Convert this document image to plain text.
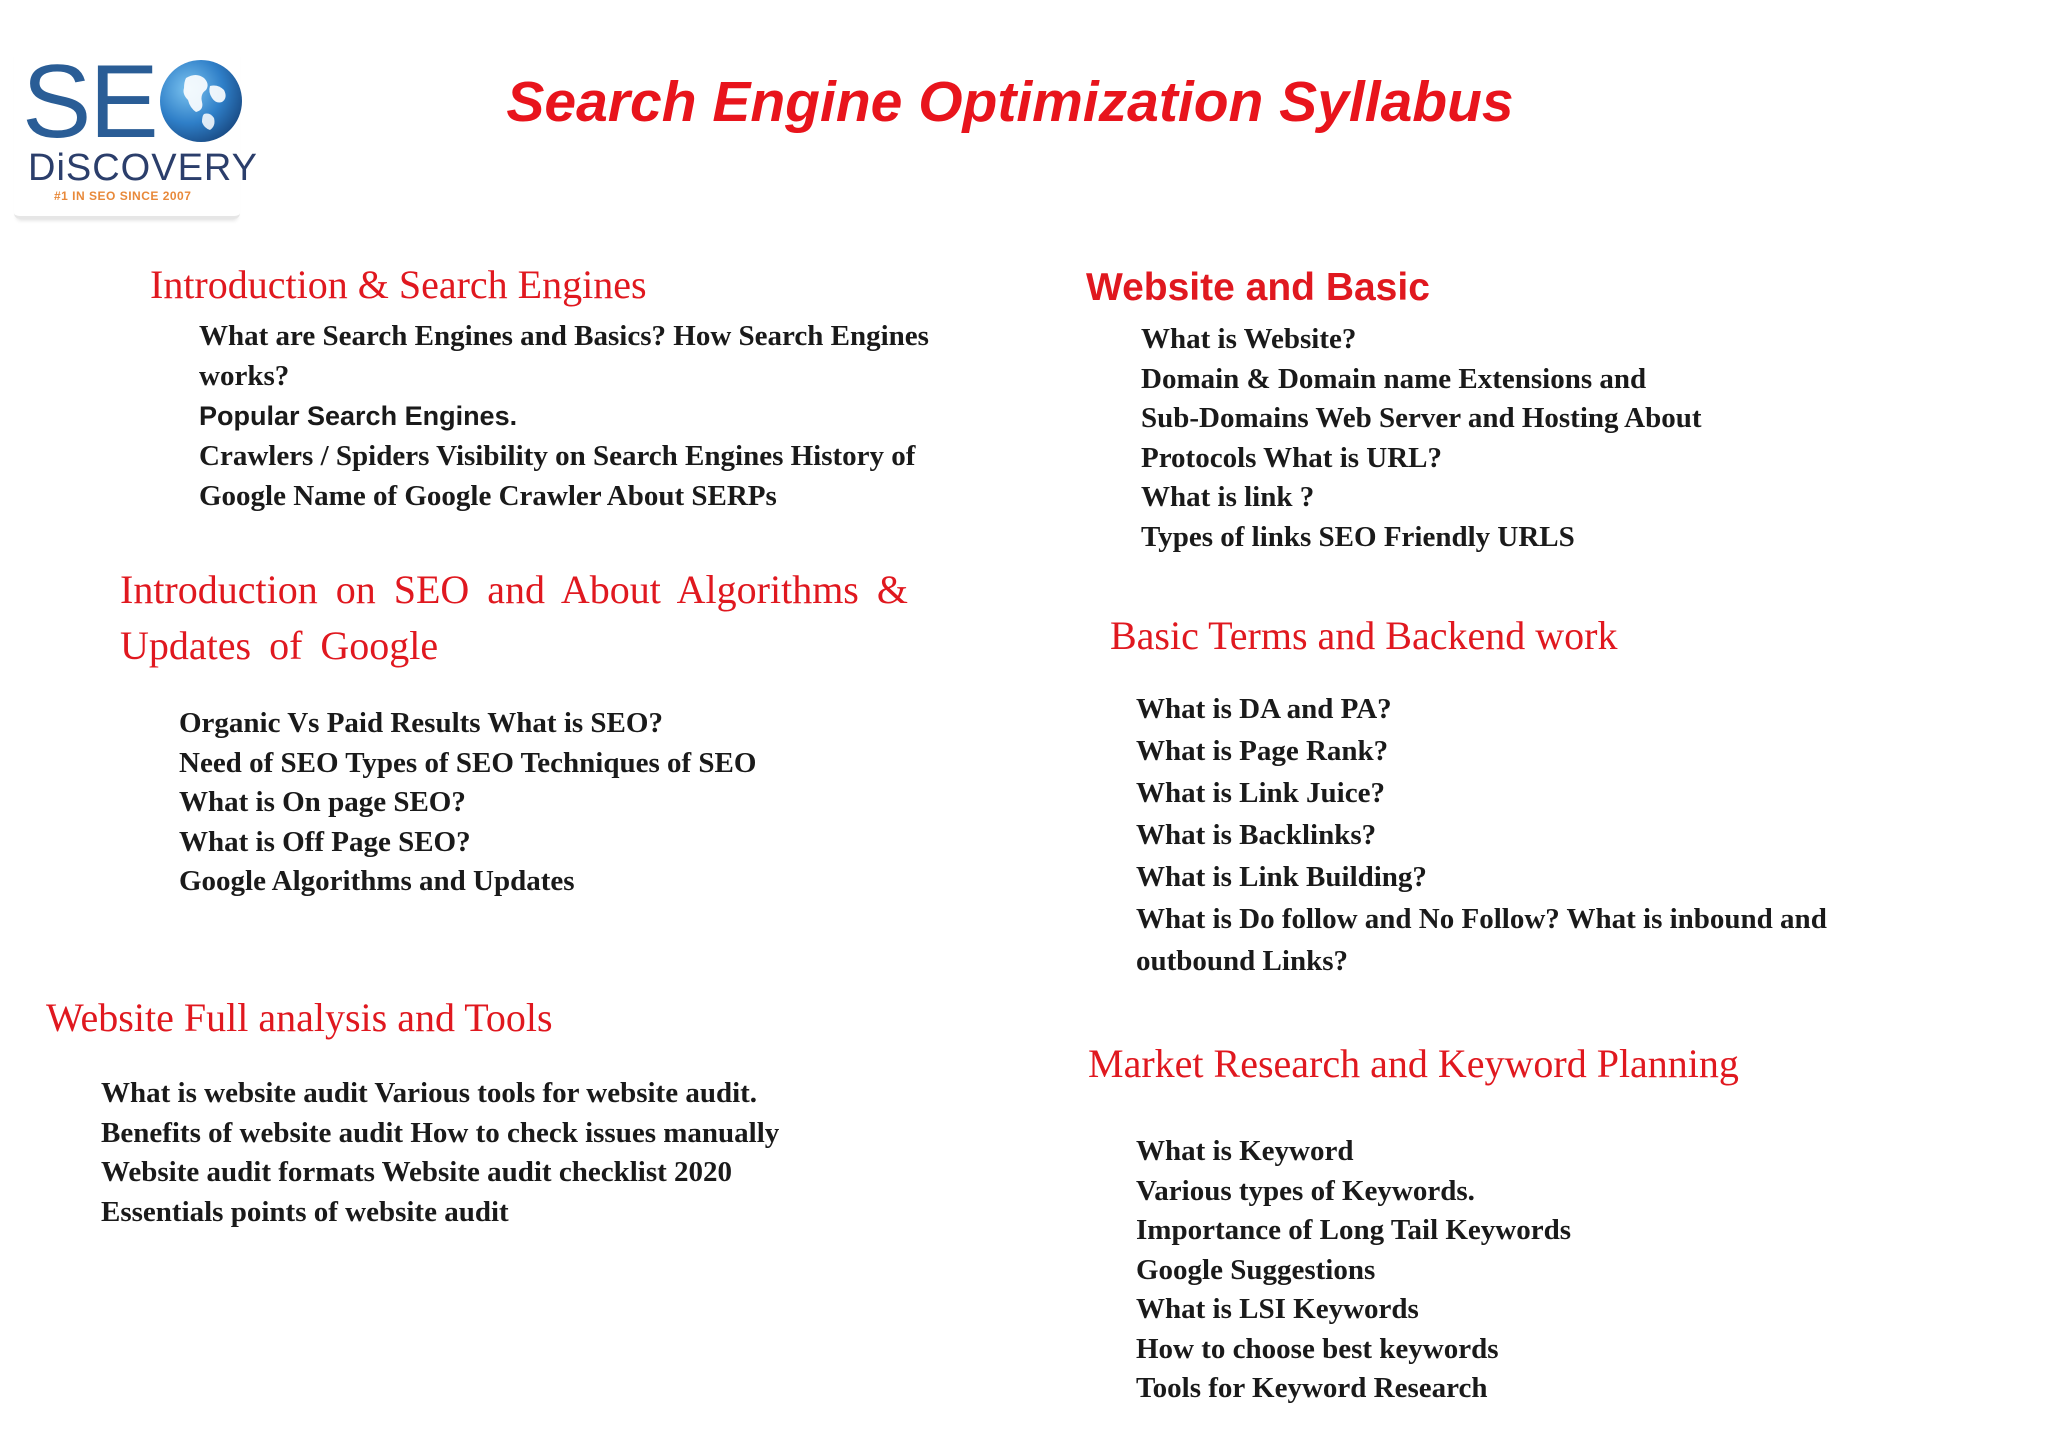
SE
DiSCOVERY
#1 IN SEO SINCE 2007
Search Engine Optimization Syllabus
Introduction & Search Engines
What are Search Engines and Basics? How Search Engines works?
Popular Search Engines.
Crawlers / Spiders Visibility on Search Engines History of Google Name of Google Crawler About SERPs
Introduction on SEO and About Algorithms & Updates of Google
Organic Vs Paid Results What is SEO?
Need of SEO Types of SEO Techniques of SEO
What is On page SEO?
What is Off Page SEO?
Google Algorithms and Updates
Website Full analysis and Tools
What is website audit Various tools for website audit.
Benefits of website audit How to check issues manually
Website audit formats Website audit checklist 2020
Essentials points of website audit
Website and Basic
What is Website?
Domain & Domain name Extensions and
Sub-Domains Web Server and Hosting About
Protocols What is URL?
What is link ?
Types of links SEO Friendly URLS
Basic Terms and Backend work
What is DA and PA?
What is Page Rank?
What is Link Juice?
What is Backlinks?
What is Link Building?
What is Do follow and No Follow? What is inbound and outbound Links?
Market Research and Keyword Planning
What is Keyword
Various types of Keywords.
Importance of Long Tail Keywords
Google Suggestions
What is LSI Keywords
How to choose best keywords
Tools for Keyword Research
